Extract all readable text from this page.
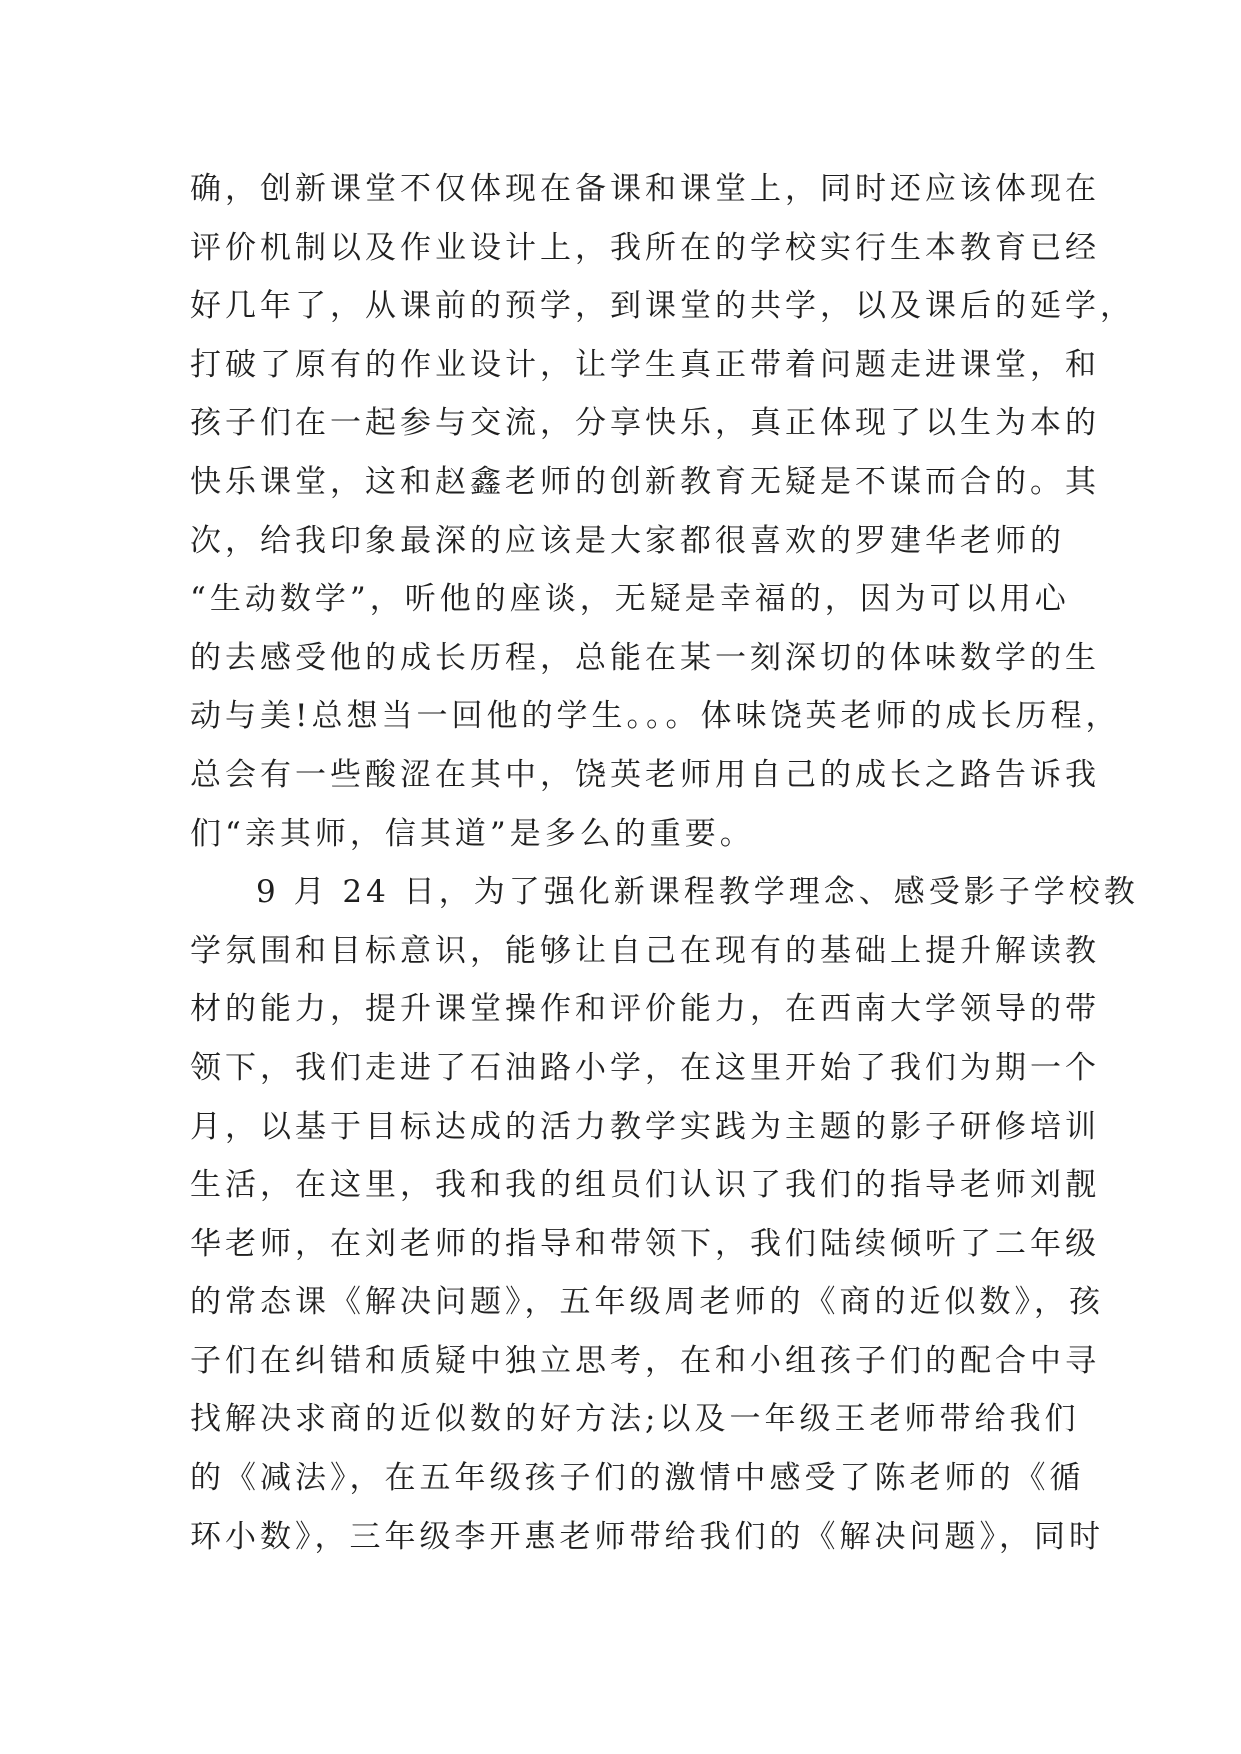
确，创新课堂不仅体现在备课和课堂上，同时还应该体现在
评价机制以及作业设计上，我所在的学校实行生本教育已经
好几年了，从课前的预学，到课堂的共学，以及课后的延学，
打破了原有的作业设计，让学生真正带着问题走进课堂，和
孩子们在一起参与交流，分享快乐，真正体现了以生为本的
快乐课堂，这和赵鑫老师的创新教育无疑是不谋而合的。其
次，给我印象最深的应该是大家都很喜欢的罗建华老师的
“生动数学”，听他的座谈，无疑是幸福的，因为可以用心
的去感受他的成长历程，总能在某一刻深切的体味数学的生
动与美!总想当一回他的学生。。。体味饶英老师的成长历程，
总会有一些酸涩在其中，饶英老师用自己的成长之路告诉我
们“亲其师，信其道”是多么的重要。
9 月 24 日，为了强化新课程教学理念、感受影子学校教
学氛围和目标意识，能够让自己在现有的基础上提升解读教
材的能力，提升课堂操作和评价能力，在西南大学领导的带
领下，我们走进了石油路小学，在这里开始了我们为期一个
月，以基于目标达成的活力教学实践为主题的影子研修培训
生活，在这里，我和我的组员们认识了我们的指导老师刘靓
华老师，在刘老师的指导和带领下，我们陆续倾听了二年级
的常态课《解决问题》，五年级周老师的《商的近似数》，孩
子们在纠错和质疑中独立思考，在和小组孩子们的配合中寻
找解决求商的近似数的好方法;以及一年级王老师带给我们
的《减法》，在五年级孩子们的激情中感受了陈老师的《循
环小数》，三年级李开惠老师带给我们的《解决问题》，同时
